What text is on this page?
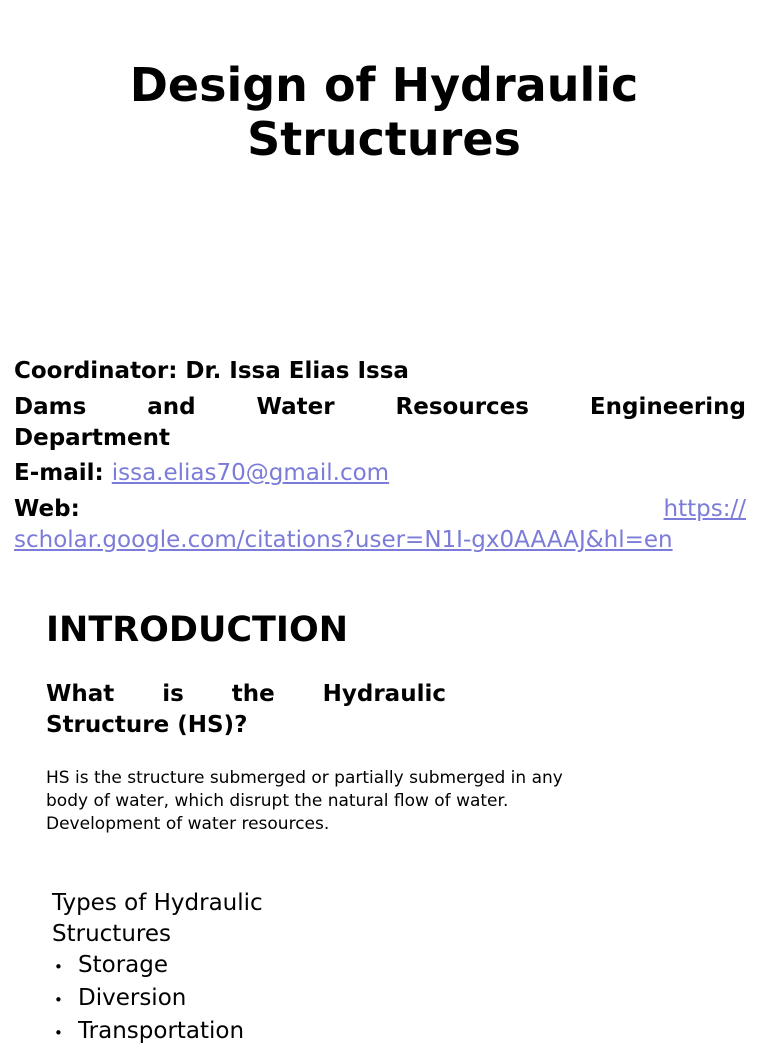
Design of Hydraulic
Structures
Coordinator: Dr. Issa Elias Issa
Dams	and	Water	Resources	Engineering
Department
E-mail: issa.elias70@gmail.com
Web:	https://
scholar.google.com/citations?user=N1I-gx0AAAAJ&hl=en
INTRODUCTION
What is the Hydraulic
Structure (HS)?
HS is the structure submerged or partially submerged in any
body of water, which disrupt the natural flow of water.
Development of water resources.
Types of Hydraulic
Structures
• Storage
• Diversion
• Transportation
